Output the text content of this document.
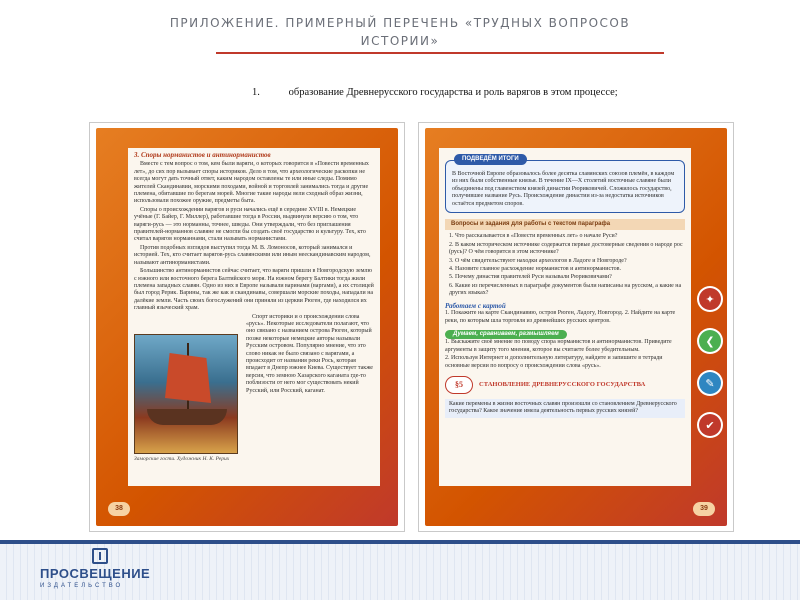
ПРИЛОЖЕНИЕ. ПРИМЕРНЫЙ ПЕРЕЧЕНЬ «ТРУДНЫХ ВОПРОСОВ
ИСТОРИИ»
1.	образование Древнерусского государства и роль варягов в этом процессе;
3. Споры норманистов и антинорманистов
Вместе с тем вопрос о том, кем были варяги, о которых говорится в «Повести временных лет», до сих пор вызывает споры историков. Дело в том, что археологические раскопки не всегда могут дать точный ответ, каким народом оставлены те или иные следы. Помимо жителей Скандинавии, морскими походами, войной и торговлей занимались тогда и другие племена, обитавшие по берегам морей. Многие такие народы вели сходный образ жизни, использовали похожее оружие, предметы быта.
Споры о происхождении варягов и руси начались ещё в середине XVIII в. Немецкие учёные (Г. Байер, Г. Миллер), работавшие тогда в России, выдвинули версию о том, что варяги-русь — это норманны, точнее, шведы. Они утверждали, что без приглашения правителей-норманнов славяне не смогли бы создать своё государство и культуру. Тех, кто считал варягов норманнами, стали называть норманистами.
Против подобных взглядов выступил тогда М. В. Ломоносов, который занимался и историей. Тех, кто считает варягов-русь славянскими или иным неескандинавским народом, называют антинорманистами.
Большинство антинорманистов сейчас считает, что варяги пришли в Новгородскую землю с южного или восточного берега Балтийского моря. На южном берегу Балтики тогда жили племена западных славян. Одно из них в Европе называли варинами (варгами), а их столицей был город Рерик. Варины, так же как и скандинавы, совершали морские походы, нападали на далёкие земли. Часть своих богослужений они приняли из церкви Рюген, где находился их главный языческий храм.
Спорт историки и о происхождении слова «русь». Некоторые исследователи полагают, что оно связано с названием острова Рюген, который позже некоторые немецкие авторы называли Русским островом. Популярно мнение, что это слово никак не было связано с варягами, а происходит от названия реки Рось, которая впадает в Днепр южнее Киева. Существует также версия, что земною Хазарского каганата где-то поблизости от него мог существовать некий Русский, или Росский, каганат.
Заморские гости. Художник Н. К. Рерих
38
ПОДВЕДЁМ ИТОГИ
В Восточной Европе образовалось более десятка славянских союзов племён, в каждом из них были собственные князья. В течение IX—X столетий восточные славяне были объединены под главенством князей династии Рюриковичей. Сложилось государство, получившее название Русь. Происхождение династии из-за недостатка источников остаётся предметом споров.
Вопросы и задания для работы с текстом параграфа
1. Что рассказывается в «Повести временных лет» о начале Руси?
2. В каком историческом источнике содержатся первые достоверные сведения о народе рос (русь)? О чём говорится в этом источнике?
3. О чём свидетельствуют находки археологов в Ладоге и Новгороде?
4. Назовите главное расхождение норманистов и антинорманистов.
5. Почему династия правителей Руси называли Рюриковичами?
6. Какие из перечисленных в параграфе документов были написаны на русском, а какие на других языках?
Работаем с картой
1. Покажите на карте Скандинавию, остров Рюген, Ладогу, Новгород. 2. Найдите на карте реки, по которым шла торговля из древнейших русских центров.
Думаем, сравниваем, размышляем
1. Выскажите своё мнение по поводу спора норманистов и антинорманистов. Приведите аргументы в защиту того мнения, которое вы считаете более убедительным.
2. Используя Интернет и дополнительную литературу, найдите и запишите в тетради основные версии по вопросу о происхождении слова «русь».
§5	СТАНОВЛЕНИЕ ДРЕВНЕРУССКОГО ГОСУДАРСТВА
Какие перемены в жизни восточных славян произошли со становлением Древнерусского государства? Какое значение имела деятельность первых русских князей?
✦
❮
✎
✔
39
ПРОСВЕЩЕНИЕ
ИЗДАТЕЛЬСТВО
